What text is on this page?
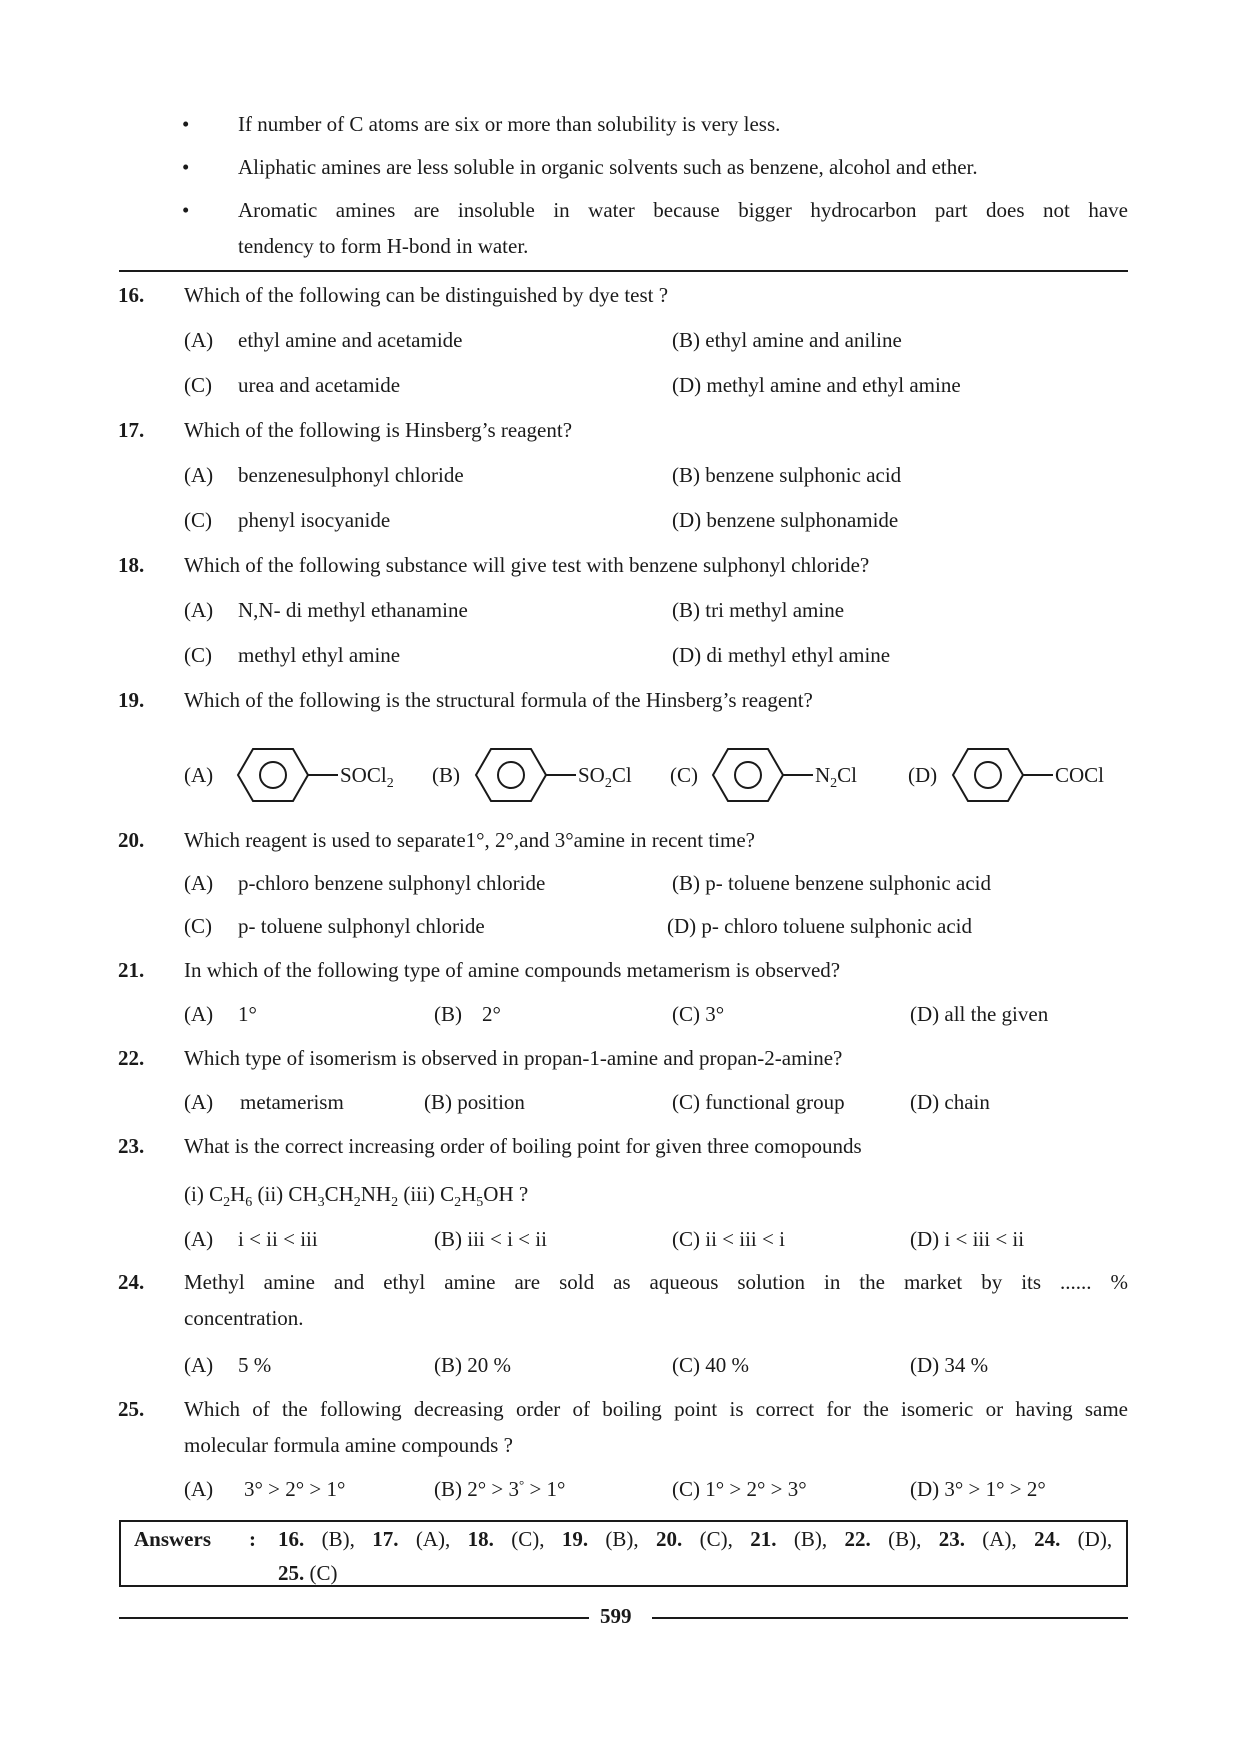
• If number of C atoms are six or more than solubility is very less.
• Aliphatic amines are less soluble in organic solvents such as benzene, alcohol and ether.
• Aromatic amines are insoluble in water because bigger hydrocarbon part does not have
tendency to form H-bond in water.
16. Which of the following can be distinguished by dye test ?
(A) ethyl amine and acetamide	(B) ethyl amine and aniline
(C) urea and acetamide	(D) methyl amine and ethyl amine
17. Which of the following is Hinsberg’s reagent?
(A) benzenesulphonyl chloride	(B) benzene sulphonic acid
(C) phenyl isocyanide	(D) benzene sulphonamide
18. Which of the following substance will give test with benzene sulphonyl chloride?
(A) N,N- di methyl ethanamine	(B) tri methyl amine
(C) methyl ethyl amine	(D) di methyl ethyl amine
19. Which of the following is the structural formula of the Hinsberg’s reagent?
(A)	SOCl$_2$ (B)	$SO_2Cl$ (C)	$N_2Cl$ (D)	COCl
20. Which reagent is used to separate1°, 2°,and 3°amine in recent time?
(A) p-chloro benzene sulphonyl chloride	(B) p- toluene benzene sulphonic acid
(C) p- toluene sulphonyl chloride	(D) p- chloro toluene sulphonic acid
21. In which of the following type of amine compounds metamerism is observed?
(A) 1°	(B) 2°	(C) 3°	(D) all the given
22. Which type of isomerism is observed in propan-1-amine and propan-2-amine?
(A) metamerism	(B) position	(C) functional group	(D) chain
23. What is the correct increasing order of boiling point for given three comopounds
(i) $C_2H_6$ (ii) $CH_3CH_2NH_2$ (iii) $C_2H_5OH$ ?
(A) i < ii < iii	(B) iii < i < ii	(C) ii < iii < i	(D) i < iii < ii
24. Methyl amine and ethyl amine are sold as aqueous solution in the market by its ...... %
concentration.
(A) 5 %	(B) 20 %	(C) 40 %	(D) 34 %
25. Which of the following decreasing order of boiling point is correct for the isomeric or having same
molecular formula amine compounds ?
(A) 3° > 2° > 1°	(B) 2° > 3° > 1°	(C) 1° > 2° > 3°	(D) 3° > 1° > 2°
Answers : 16. (B), 17. (A), 18. (C), 19. (B), 20. (C), 21. (B), 22. (B), 23. (A), 24. (D),
25. (C)
599
